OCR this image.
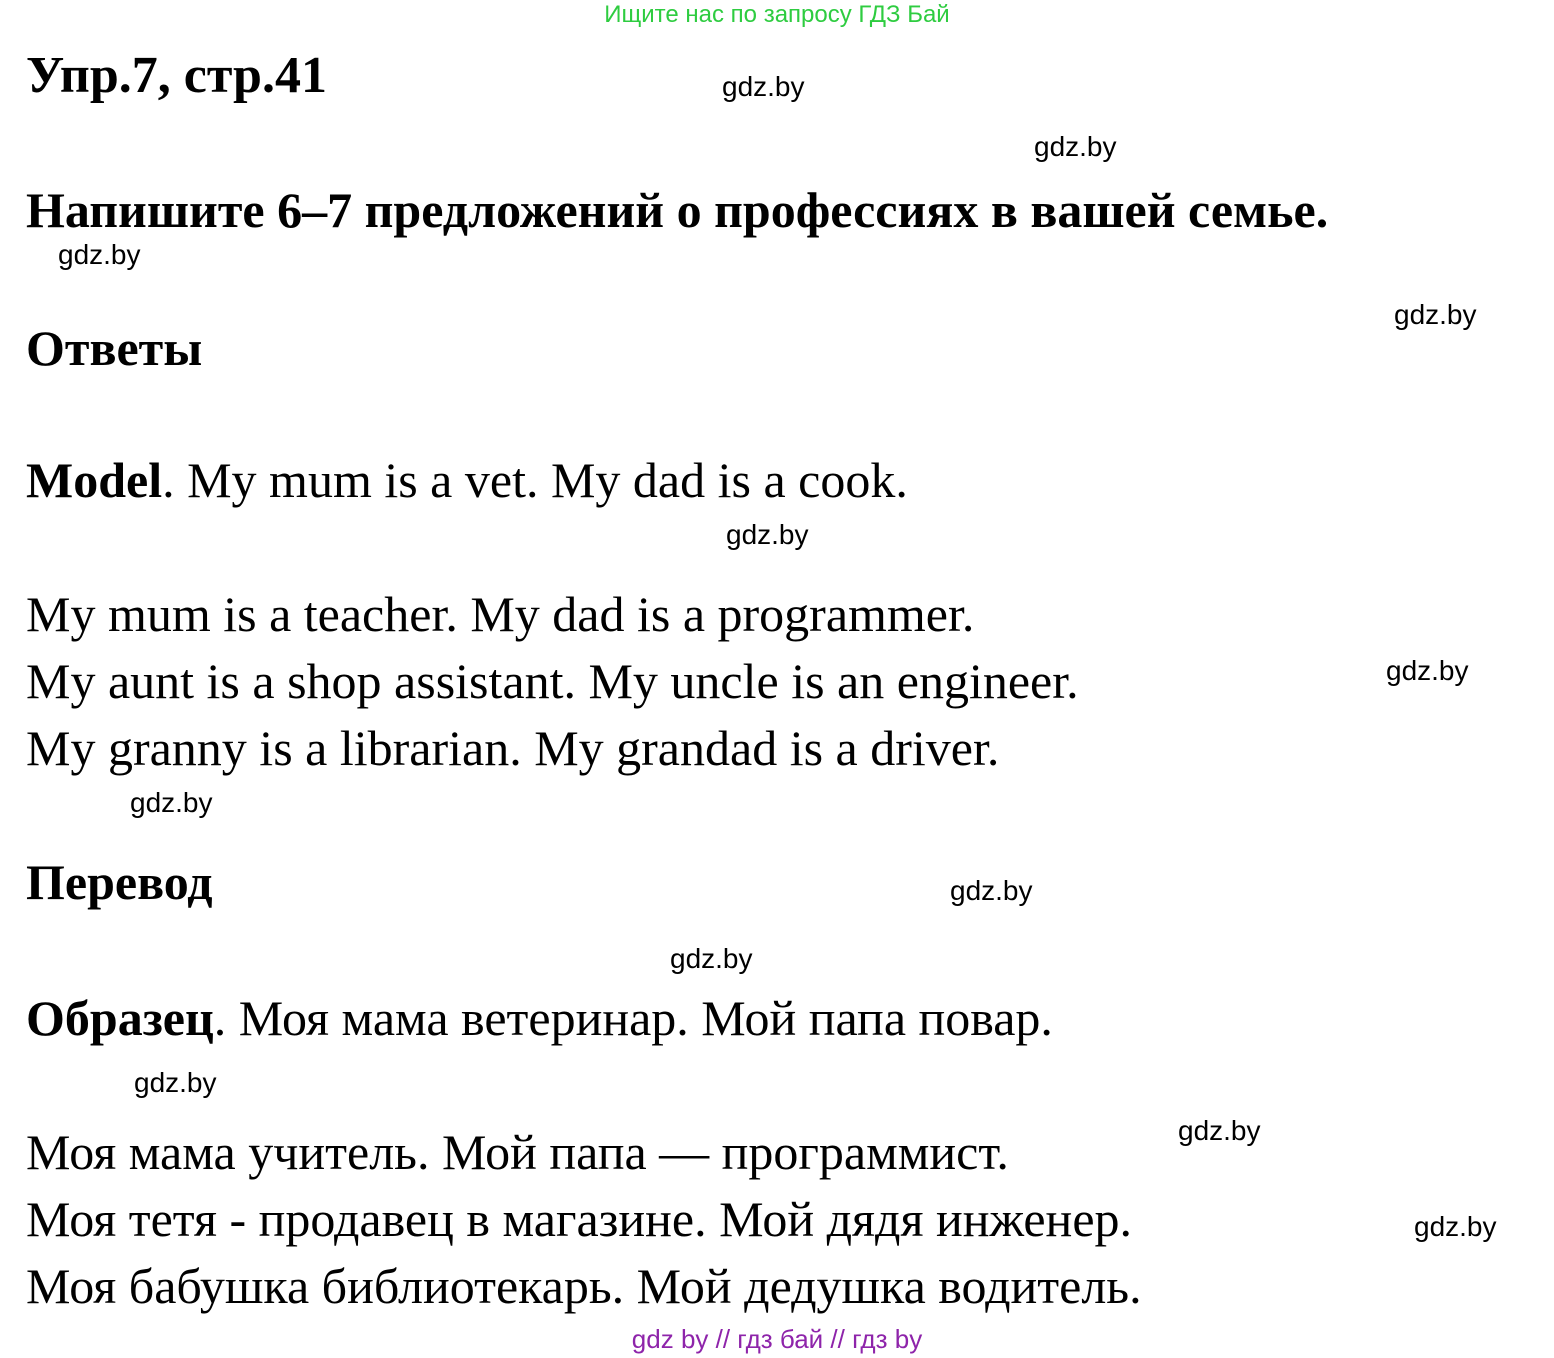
Ищите нас по запросу ГДЗ Бай
Упр.7, стр.41
Напишите 6–7 предложений о профессиях в вашей семье.
Ответы
Model. My mum is a vet. My dad is a cook.
My mum is a teacher. My dad is a programmer.
My aunt is a shop assistant. My uncle is an engineer.
My granny is a librarian. My grandad is a driver.
Перевод
Образец. Моя мама ветеринар. Мой папа повар.
Моя мама учитель. Мой папа — программист.
Моя тетя - продавец в магазине. Мой дядя инженер.
Моя бабушка библиотекарь. Мой дедушка водитель.
gdz.by
gdz.by
gdz.by
gdz.by
gdz.by
gdz.by
gdz.by
gdz.by
gdz.by
gdz.by
gdz.by
gdz.by
gdz by // гдз бай // гдз by
